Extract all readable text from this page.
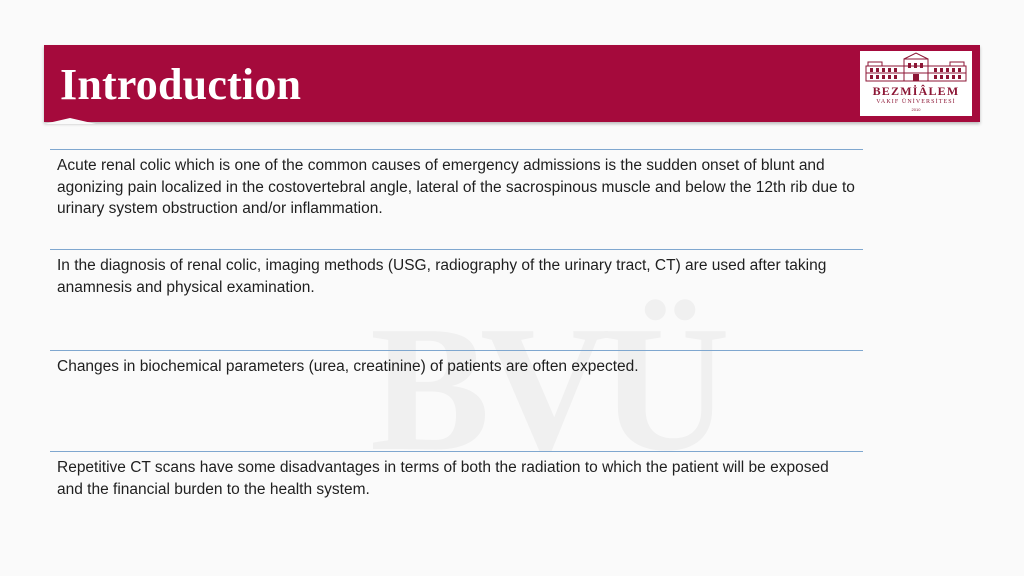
Introduction	BEZMİÂLEM
VAKIF ÜNİVERSİTESİ
2010

Acute renal colic which is one of the common causes of emergency admissions is the sudden onset of blunt and agonizing pain localized in the costovertebral angle, lateral of the sacrospinous muscle and below the 12th rib due to urinary system obstruction and/or inflammation.

In the diagnosis of renal colic, imaging methods (USG, radiography of the urinary tract, CT) are used after taking anamnesis and physical examination.

Changes in biochemical parameters (urea, creatinine) of patients are often expected.

Repetitive CT scans have some disadvantages in terms of both the radiation to which the patient will be exposed and the financial burden to the health system.
